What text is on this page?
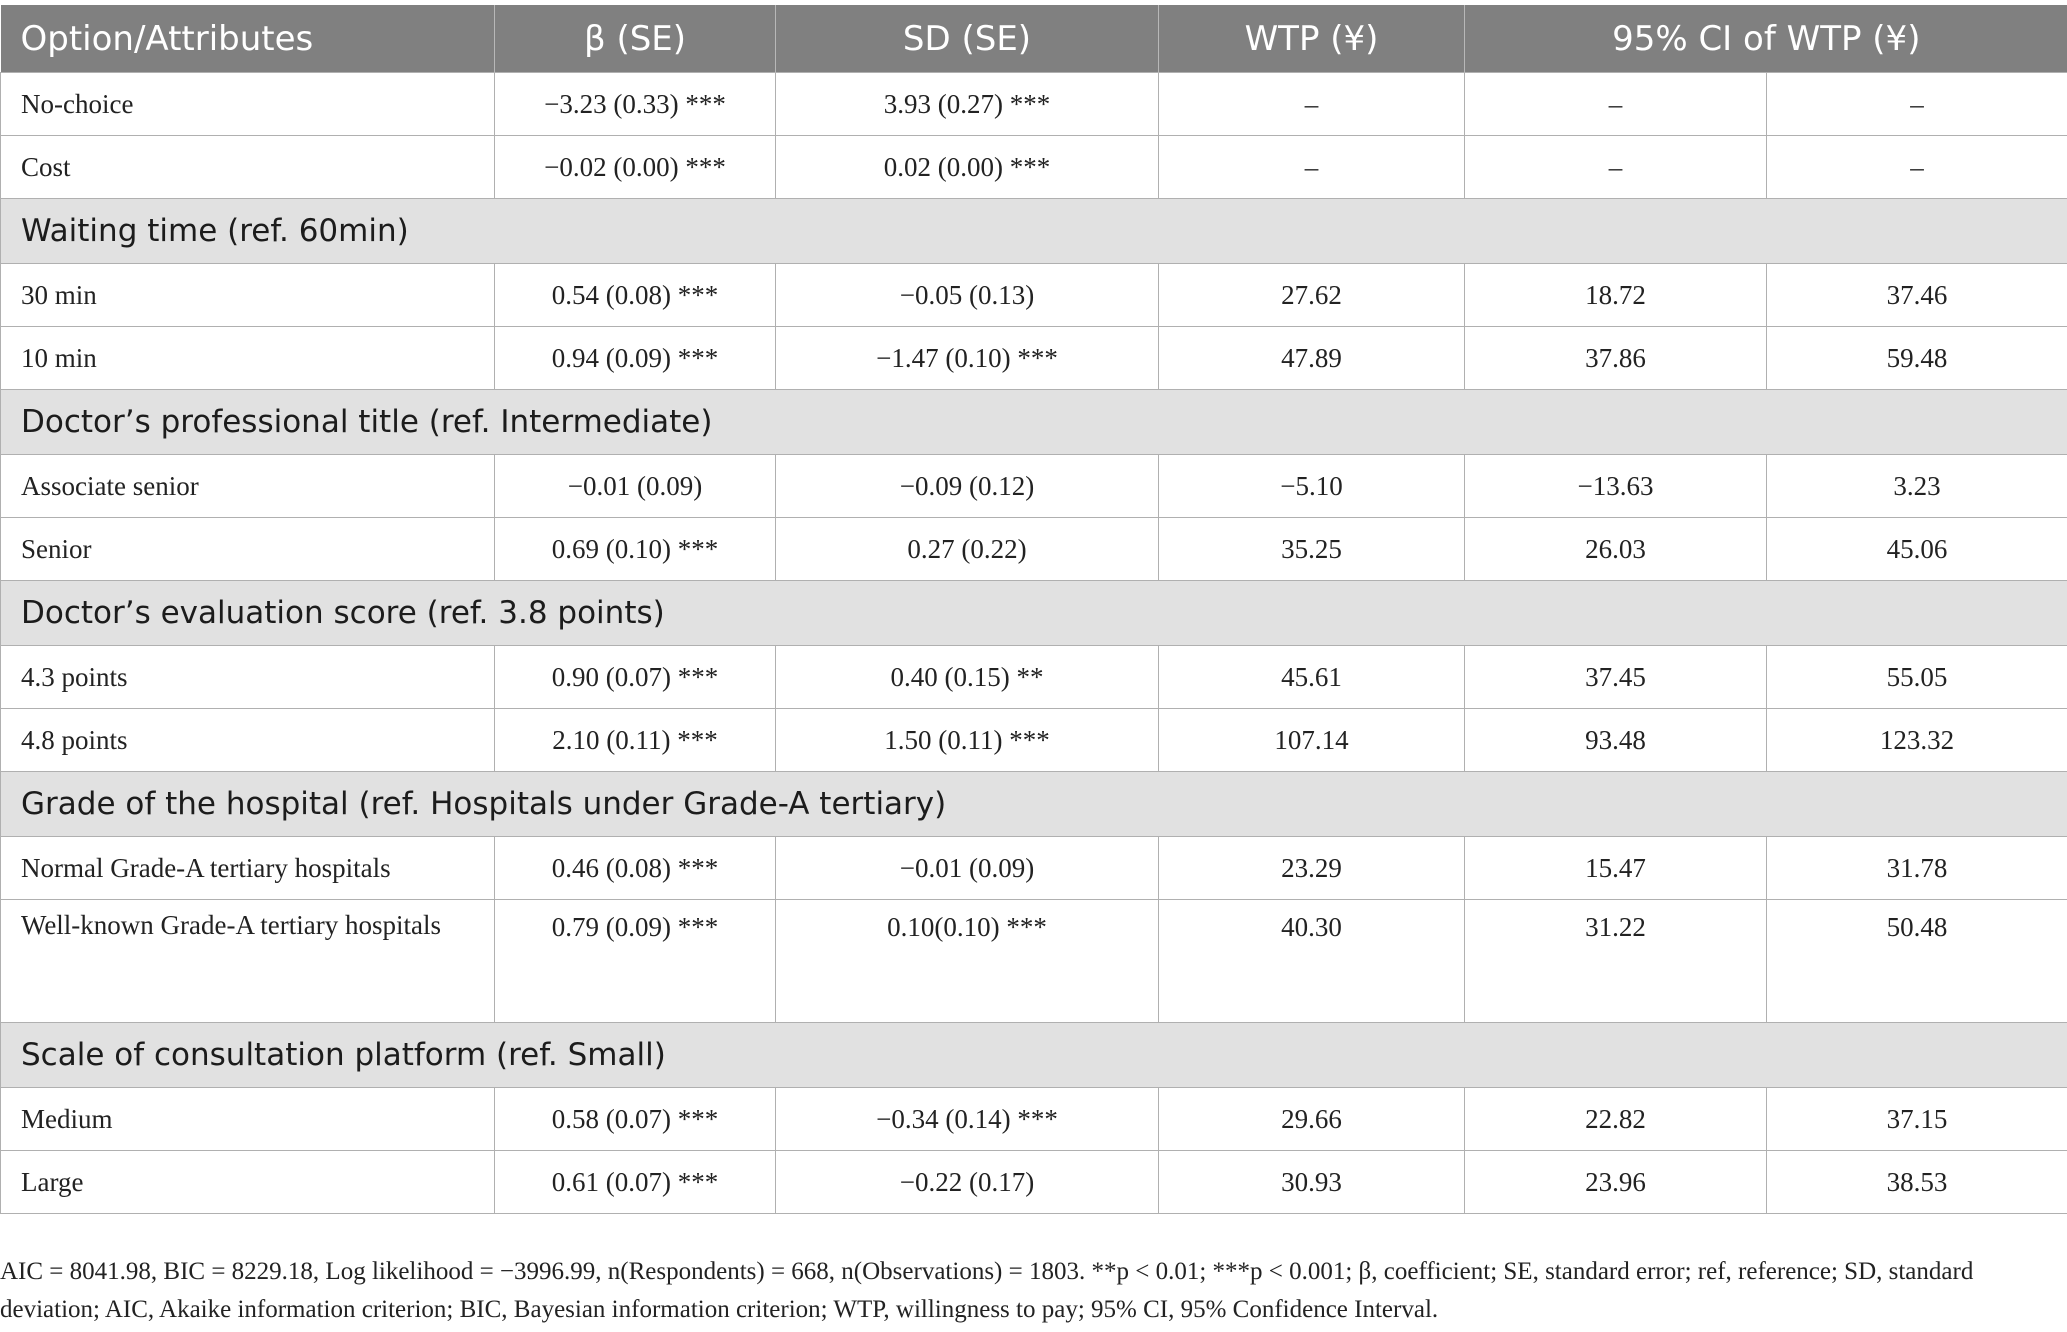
Option/Attributes	β (SE)	SD (SE)	WTP (¥)	95% CI of WTP (¥)	
No-choice	−3.23 (0.33) ***	3.93 (0.27) ***	–	–	–
Cost	−0.02 (0.00) ***	0.02 (0.00) ***	–	–	–
Waiting time (ref. 60min)					
30 min	0.54 (0.08) ***	−0.05 (0.13)	27.62	18.72	37.46
10 min	0.94 (0.09) ***	−1.47 (0.10) ***	47.89	37.86	59.48
Doctor’s professional title (ref. Intermediate)					
Associate senior	−0.01 (0.09)	−0.09 (0.12)	−5.10	−13.63	3.23
Senior	0.69 (0.10) ***	0.27 (0.22)	35.25	26.03	45.06
Doctor’s evaluation score (ref. 3.8 points)					
4.3 points	0.90 (0.07) ***	0.40 (0.15) **	45.61	37.45	55.05
4.8 points	2.10 (0.11) ***	1.50 (0.11) ***	107.14	93.48	123.32
Grade of the hospital (ref. Hospitals under Grade-A tertiary)					
Normal Grade-A tertiary hospitals	0.46 (0.08) ***	−0.01 (0.09)	23.29	15.47	31.78
Well-known Grade-A tertiary hospitals	0.79 (0.09) ***	0.10(0.10) ***	40.30	31.22	50.48
Scale of consultation platform (ref. Small)					
Medium	0.58 (0.07) ***	−0.34 (0.14) ***	29.66	22.82	37.15
Large	0.61 (0.07) ***	−0.22 (0.17)	30.93	23.96	38.53
AIC = 8041.98, BIC = 8229.18, Log likelihood = −3996.99, n(Respondents) = 668, n(Observations) = 1803. **p < 0.01; ***p < 0.001; β, coefficient; SE, standard error; ref, reference; SD, standard deviation; AIC, Akaike information criterion; BIC, Bayesian information criterion; WTP, willingness to pay; 95% CI, 95% Confidence Interval.
